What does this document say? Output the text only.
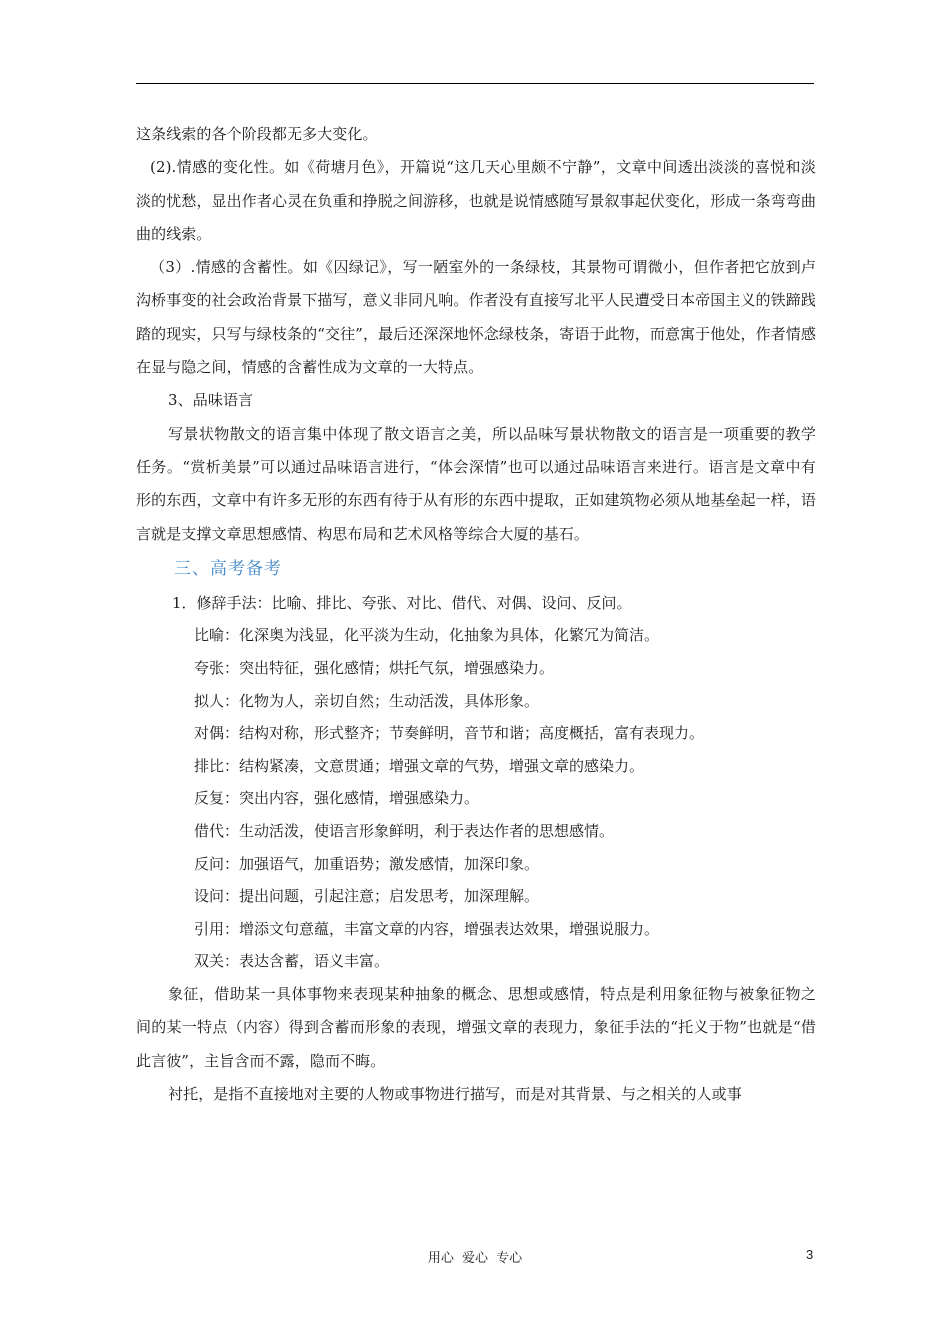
这条线索的各个阶段都无多大变化。

(2).情感的变化性。如《荷塘月色》，开篇说“这几天心里颇不宁静”，文章中间透出淡淡的喜悦和淡淡的忧愁，显出作者心灵在负重和挣脱之间游移，也就是说情感随写景叙事起伏变化，形成一条弯弯曲曲的线索。

（3）.情感的含蓄性。如《囚绿记》，写一陋室外的一条绿枝，其景物可谓微小，但作者把它放到卢沟桥事变的社会政治背景下描写，意义非同凡响。作者没有直接写北平人民遭受日本帝国主义的铁蹄践踏的现实，只写与绿枝条的“交往”，最后还深深地怀念绿枝条，寄语于此物，而意寓于他处，作者情感在显与隐之间，情感的含蓄性成为文章的一大特点。

3、品味语言

写景状物散文的语言集中体现了散文语言之美，所以品味写景状物散文的语言是一项重要的教学任务。“赏析美景”可以通过品味语言进行，“体会深情”也可以通过品味语言来进行。语言是文章中有形的东西，文章中有许多无形的东西有待于从有形的东西中提取，正如建筑物必须从地基垒起一样，语言就是支撑文章思想感情、构思布局和艺术风格等综合大厦的基石。

三、高考备考

1．修辞手法：比喻、排比、夸张、对比、借代、对偶、设问、反问。

比喻：化深奥为浅显，化平淡为生动，化抽象为具体，化繁冗为简洁。

夸张：突出特征，强化感情；烘托气氛，增强感染力。

拟人：化物为人，亲切自然；生动活泼，具体形象。

对偶：结构对称，形式整齐；节奏鲜明，音节和谐；高度概括，富有表现力。

排比：结构紧凑，文意贯通；增强文章的气势，增强文章的感染力。

反复：突出内容，强化感情，增强感染力。

借代：生动活泼，使语言形象鲜明，利于表达作者的思想感情。

反问：加强语气，加重语势；激发感情，加深印象。

设问：提出问题，引起注意；启发思考，加深理解。

引用：增添文句意蕴，丰富文章的内容，增强表达效果，增强说服力。

双关：表达含蓄，语义丰富。

象征，借助某一具体事物来表现某种抽象的概念、思想或感情，特点是利用象征物与被象征物之间的某一特点（内容）得到含蓄而形象的表现，增强文章的表现力，象征手法的“托义于物”也就是“借此言彼”，主旨含而不露，隐而不晦。

衬托，是指不直接地对主要的人物或事物进行描写，而是对其背景、与之相关的人或事

用心 爱心 专心	3
